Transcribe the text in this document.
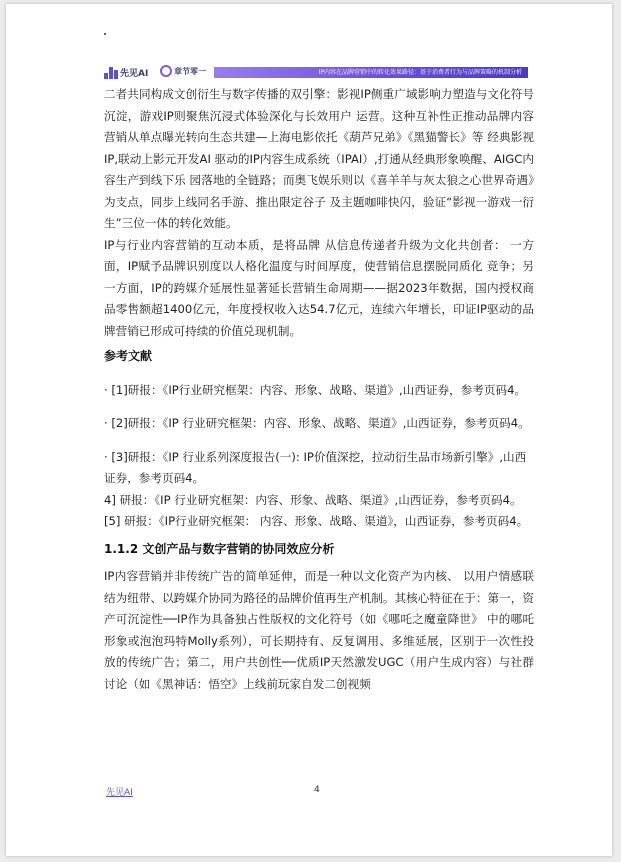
先见AI	章节零一	IP内容在品牌营销中的转化效果路径：基于消费者行为与品牌策略的机制分析

二者共同构成文创衍生与数字传播的双引擎：影视IP侧重广域影响力塑造与文化符号沉淀，游戏IP则聚焦沉浸式体验深化与长效用户 运营。这种互补性正推动品牌内容营销从单点曝光转向生态共建—上海电影依托《葫芦兄弟》《黑猫警长》等 经典影视IP,联动上影元开发AI 驱动的IP内容生成系统（IPAI）,打通从经典形象唤醒、AIGC内容生产到线下乐 园落地的全链路；而奥飞娱乐则以《喜羊羊与灰太狼之心世界奇遇》为支点，同步上线同名手游、推出限定谷子 及主题咖啡快闪，验证“影视一游戏一衍生”三位一体的转化效能。

IP与行业内容营销的互动本质，是将品牌 从信息传递者升级为文化共创者： 一方面，IP赋予品牌识别度以人格化温度与时间厚度，使营销信息摆脱同质化 竞争；另一方面，IP的跨媒介延展性显著延长营销生命周期——据2023年数据，国内授权商品零售额超1400亿元，年度授权收入达54.7亿元，连续六年增长，印证IP驱动的品牌营销已形成可持续的价值兑现机制。

参考文献

· [1]研报：《IP行业研究框架：内容、形象、战略、渠道》,山西证券，参考页码4。

· [2]研报：《IP 行业研究框架：内容、形象、战略、渠道》,山西证券，参考页码4。

· [3]研报：《IP 行业系列深度报告(一): IP价值深挖，拉动衍生品市场新引擎》,山西证券，参考页码4。

4] 研报：《IP 行业研究框架：内容、形象、战略、渠道》,山西证券，参考页码4。

[5] 研报：《IP行业研究框架： 内容、形象、战略、渠道》，山西证券，参考页码4。

1.1.2 文创产品与数字营销的协同效应分析

IP内容营销并非传统广告的简单延伸，而是一种以文化资产为内核、 以用户情感联结为纽带、以跨媒介协同为路径的品牌价值再生产机制。其核心特征在于：第一，资产可沉淀性──IP作为具备独占性版权的文化符号（如《哪吒之魔童降世》 中的哪吒形象或泡泡玛特Molly系列），可长期持有、反复调用、多维延展，区别于一次性投放的传统广告；第二，用户共创性──优质IP天然激发UGC（用户生成内容）与社群讨论（如《黑神话：悟空》上线前玩家自发二创视频

先见AI	4
